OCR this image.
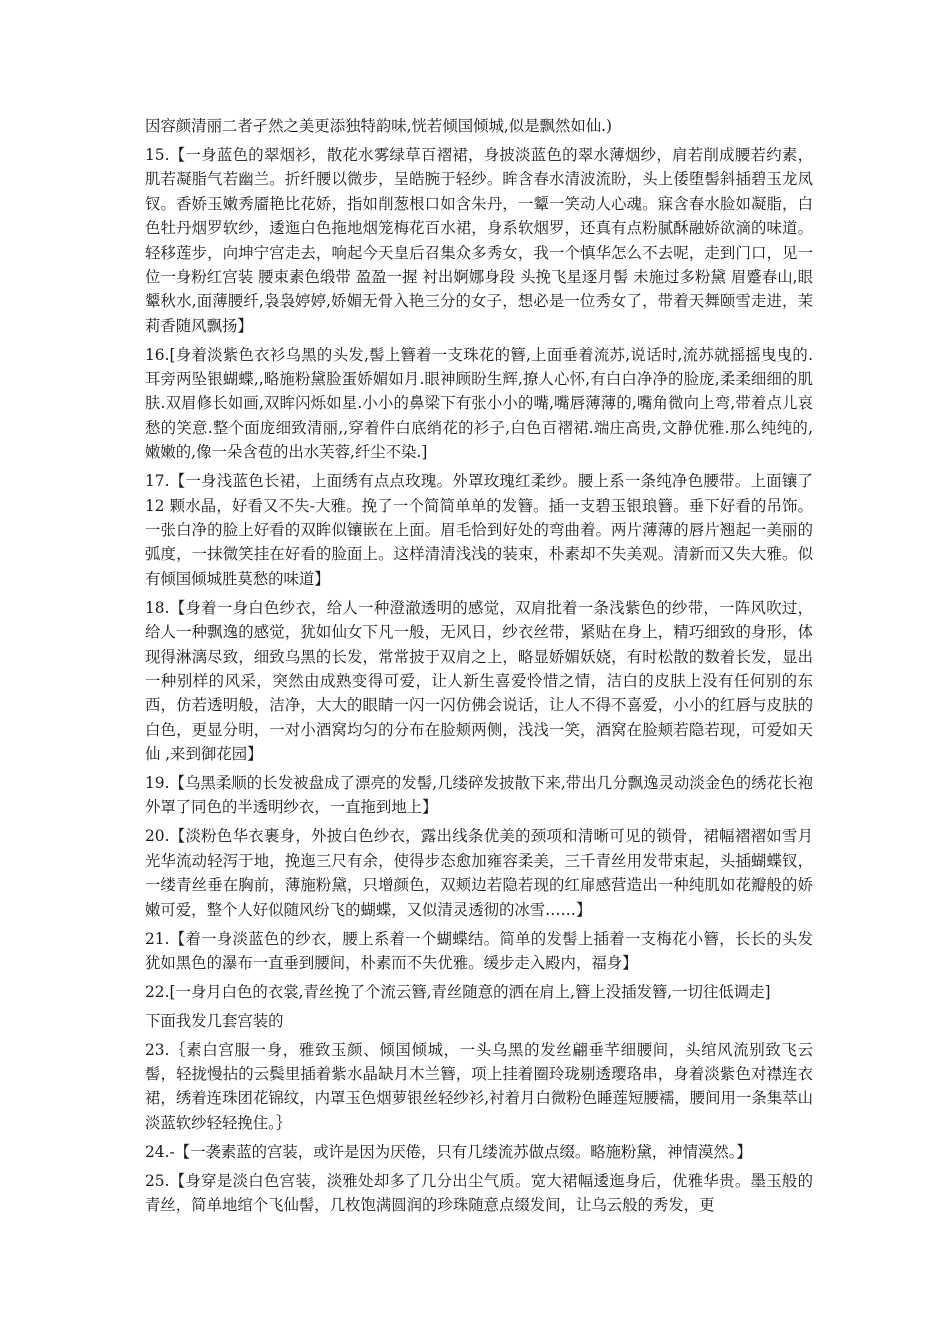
因容颜清丽二者孑然之美更添独特韵味,恍若倾国倾城,似是飘然如仙.)

15.【一身蓝色的翠烟衫，散花水雾绿草百褶裙，身披淡蓝色的翠水薄烟纱，肩若削成腰若约素，肌若凝脂气若幽兰。折纤腰以微步，呈皓腕于轻纱。眸含春水清波流盼，头上倭堕髻斜插碧玉龙凤钗。香娇玉嫩秀靥艳比花娇，指如削葱根口如含朱丹，一颦一笑动人心魂。寐含春水脸如凝脂，白色牡丹烟罗软纱，逶迤白色拖地烟笼梅花百水裙，身系软烟罗，还真有点粉腻酥融娇欲滴的味道。轻移莲步，向坤宁宫走去，响起今天皇后召集众多秀女，我一个慎华怎么不去呢，走到门口，见一位一身粉红宫装 腰束素色缎带 盈盈一握 衬出婀娜身段 头挽飞星逐月髻 未施过多粉黛 眉蹙春山,眼颦秋水,面薄腰纤,袅袅婷婷,娇媚无骨入艳三分的女子，想必是一位秀女了，带着天舞颐雪走进，茉莉香随风飘扬】

16.[身着淡紫色衣衫乌黑的头发,髻上簪着一支珠花的簪,上面垂着流苏,说话时,流苏就摇摇曳曳的.耳旁两坠银蝴蝶,,略施粉黛脸蛋娇媚如月.眼神顾盼生辉,撩人心怀,有白白净净的脸庞,柔柔细细的肌肤.双眉修长如画,双眸闪烁如星.小小的鼻梁下有张小小的嘴,嘴唇薄薄的,嘴角微向上弯,带着点儿哀愁的笑意.整个面庞细致清丽,,穿着件白底绡花的衫子,白色百褶裙.端庄高贵,文静优雅.那么纯纯的,嫩嫩的,像一朵含苞的出水芙蓉,纤尘不染.]

17.【一身浅蓝色长裙，上面绣有点点玫瑰。外罩玫瑰红柔纱。腰上系一条纯净色腰带。上面镶了 12 颗水晶，好看又不失-大雅。挽了一个简简单单的发簪。插一支碧玉银琅簪。垂下好看的吊饰。一张白净的脸上好看的双眸似镶嵌在上面。眉毛恰到好处的弯曲着。两片薄薄的唇片翘起一美丽的弧度，一抹微笑挂在好看的脸面上。这样清清浅浅的装束，朴素却不失美观。清新而又失大雅。似有倾国倾城胜莫愁的味道】

18.【身着一身白色纱衣，给人一种澄澈透明的感觉，双肩批着一条浅紫色的纱带，一阵风吹过，给人一种飘逸的感觉，犹如仙女下凡一般，无风日，纱衣丝带，紧贴在身上，精巧细致的身形，体现得淋漓尽致，细致乌黑的长发，常常披于双肩之上，略显娇媚妖娆，有时松散的数着长发，显出一种别样的风采，突然由成熟变得可爱，让人新生喜爱怜惜之情，洁白的皮肤上没有任何别的东西，仿若透明般，洁净，大大的眼睛一闪一闪仿佛会说话，让人不得不喜爱，小小的红唇与皮肤的白色，更显分明，一对小酒窝均匀的分布在脸颊两侧，浅浅一笑，酒窝在脸颊若隐若现，可爱如天仙 ,来到御花园】

19.【乌黑柔顺的长发被盘成了漂亮的发髻,几缕碎发披散下来,带出几分飘逸灵动淡金色的绣花长袍外罩了同色的半透明纱衣，一直拖到地上】

20.【淡粉色华衣裹身，外披白色纱衣，露出线条优美的颈项和清晰可见的锁骨，裙幅褶褶如雪月光华流动轻泻于地，挽迤三尺有余，使得步态愈加雍容柔美，三千青丝用发带束起，头插蝴蝶钗，一缕青丝垂在胸前，薄施粉黛，只增颜色，双颊边若隐若现的红扉感营造出一种纯肌如花瓣般的娇嫩可爱，整个人好似随风纷飞的蝴蝶，又似清灵透彻的冰雪……】

21.【着一身淡蓝色的纱衣，腰上系着一个蝴蝶结。简单的发髻上插着一支梅花小簪，长长的头发犹如黑色的瀑布一直垂到腰间，朴素而不失优雅。缓步走入殿内，福身】

22.[一身月白色的衣裳,青丝挽了个流云簪,青丝随意的洒在肩上,簪上没插发簪,一切往低调走]

下面我发几套宫装的

23.｛素白宫服一身，雅致玉颜、倾国倾城，一头乌黑的发丝翩垂芊细腰间，头绾风流别致飞云髻，轻拢慢拈的云鬓里插着紫水晶缺月木兰簪，项上挂着圈玲珑剔透璎珞串，身着淡紫色对襟连衣裙，绣着连珠团花锦纹，内罩玉色烟萝银丝轻纱衫,衬着月白微粉色睡莲短腰襦，腰间用一条集萃山淡蓝软纱轻轻挽住。｝

24.-【一袭素蓝的宫装，或许是因为厌倦，只有几缕流苏做点缀。略施粉黛，神情漠然。】

25.【身穿是淡白色宫装，淡雅处却多了几分出尘气质。宽大裙幅逶迤身后，优雅华贵。墨玉般的青丝，简单地绾个飞仙髻，几枚饱满圆润的珍珠随意点缀发间，让乌云般的秀发，更
